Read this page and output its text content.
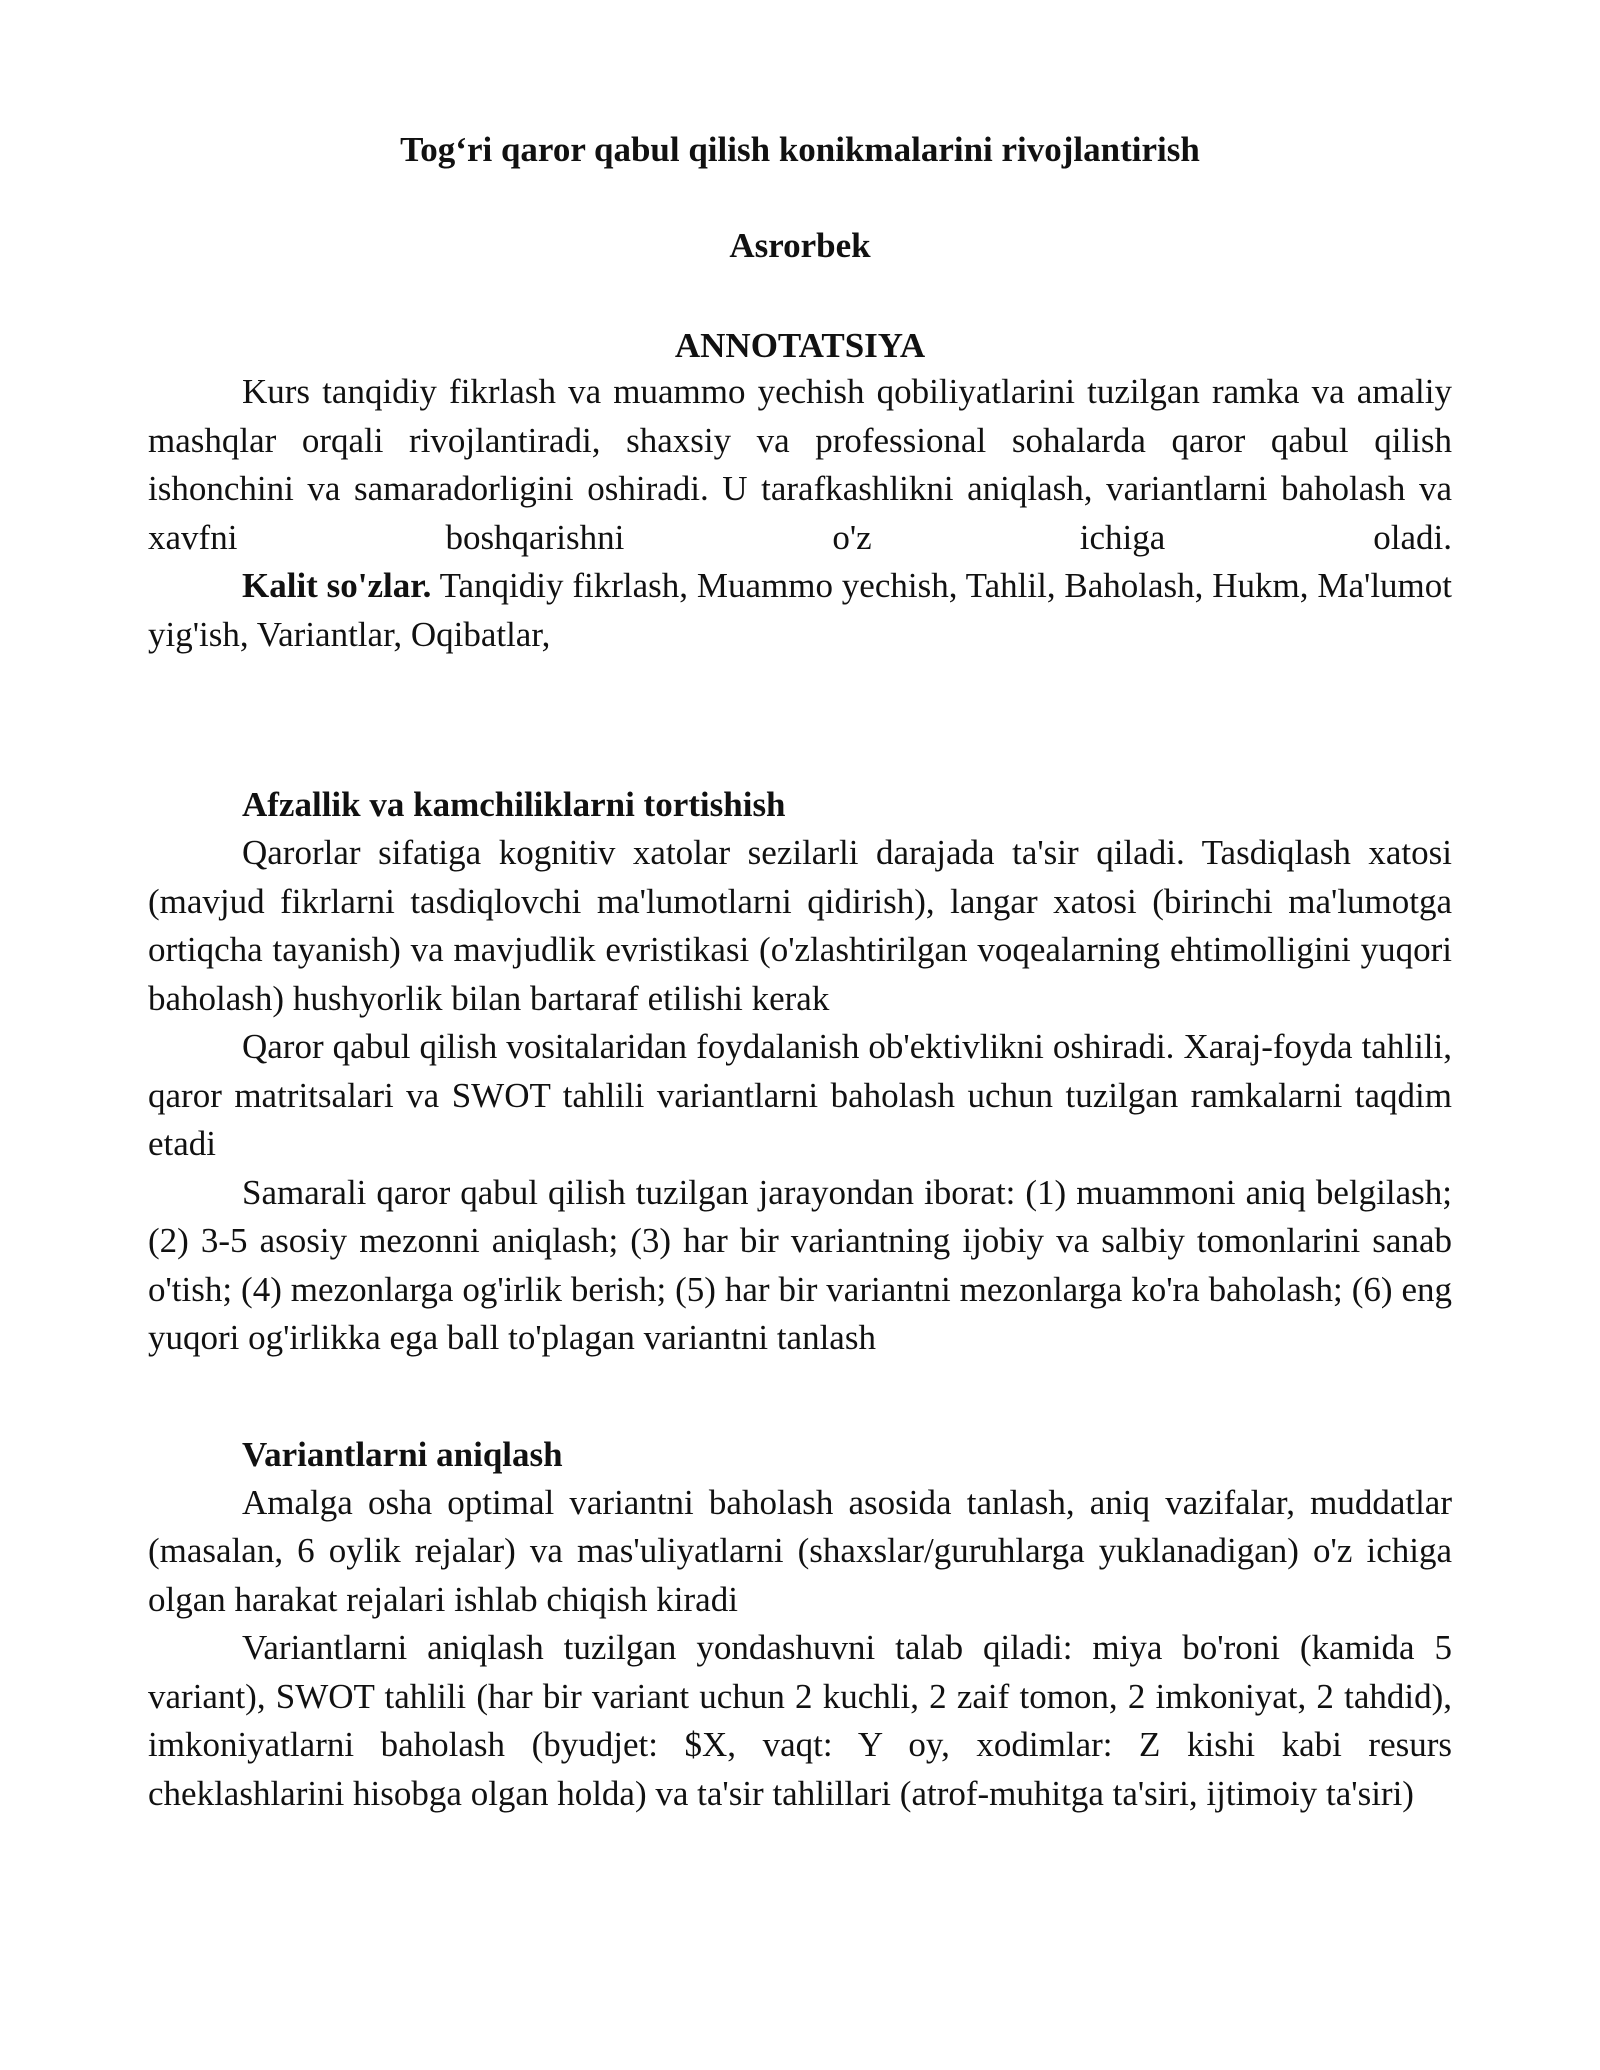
Tog‘ri qaror qabul qilish konikmalarini rivojlantirish
Asrorbek
ANNOTATSIYA

Kurs tanqidiy fikrlash va muammo yechish qobiliyatlarini tuzilgan ramka va amaliy mashqlar orqali rivojlantiradi, shaxsiy va professional sohalarda qaror qabul qilish ishonchini va samaradorligini oshiradi. U tarafkashlikni aniqlash, variantlarni baholash va xavfni boshqarishni o'z ichiga oladi.

Kalit so'zlar. Tanqidiy fikrlash, Muammo yechish, Tahlil, Baholash, Hukm, Ma'lumot yig'ish, Variantlar, Oqibatlar,

Afzallik va kamchiliklarni tortishish

Qarorlar sifatiga kognitiv xatolar sezilarli darajada ta'sir qiladi. Tasdiqlash xatosi (mavjud fikrlarni tasdiqlovchi ma'lumotlarni qidirish), langar xatosi (birinchi ma'lumotga ortiqcha tayanish) va mavjudlik evristikasi (o'zlashtirilgan voqealarning ehtimolligini yuqori baholash) hushyorlik bilan bartaraf etilishi kerak

Qaror qabul qilish vositalaridan foydalanish ob'ektivlikni oshiradi. Xaraj-foyda tahlili, qaror matritsalari va SWOT tahlili variantlarni baholash uchun tuzilgan ramkalarni taqdim etadi

Samarali qaror qabul qilish tuzilgan jarayondan iborat: (1) muammoni aniq belgilash; (2) 3-5 asosiy mezonni aniqlash; (3) har bir variantning ijobiy va salbiy tomonlarini sanab o'tish; (4) mezonlarga og'irlik berish; (5) har bir variantni mezonlarga ko'ra baholash; (6) eng yuqori og'irlikka ega ball to'plagan variantni tanlash

Variantlarni aniqlash

Amalga osha optimal variantni baholash asosida tanlash, aniq vazifalar, muddatlar (masalan, 6 oylik rejalar) va mas'uliyatlarni (shaxslar/guruhlarga yuklanadigan) o'z ichiga olgan harakat rejalari ishlab chiqish kiradi

Variantlarni aniqlash tuzilgan yondashuvni talab qiladi: miya bo'roni (kamida 5 variant), SWOT tahlili (har bir variant uchun 2 kuchli, 2 zaif tomon, 2 imkoniyat, 2 tahdid), imkoniyatlarni baholash (byudjet: $X, vaqt: Y oy, xodimlar: Z kishi kabi resurs cheklashlarini hisobga olgan holda) va ta'sir tahlillari (atrof-muhitga ta'siri, ijtimoiy ta'siri)
